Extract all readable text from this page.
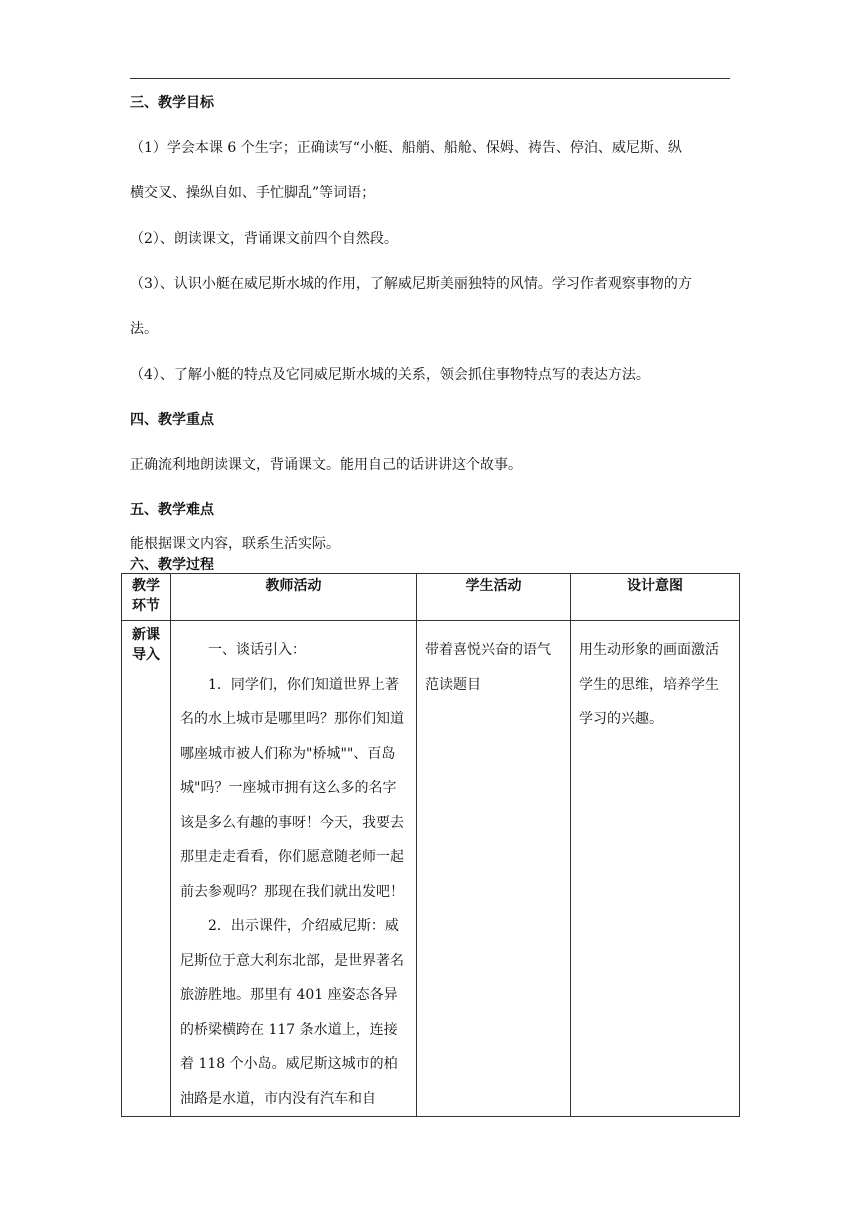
三、教学目标
（1）学会本课 6 个生字；正确读写“小艇、船艄、船舱、保姆、祷告、停泊、威尼斯、纵
横交叉、操纵自如、手忙脚乱”等词语；
（2）、朗读课文，背诵课文前四个自然段。
（3）、认识小艇在威尼斯水城的作用，了解威尼斯美丽独特的风情。学习作者观察事物的方
法。
（4）、了解小艇的特点及它同威尼斯水城的关系，领会抓住事物特点写的表达方法。
四、教学重点
正确流利地朗读课文，背诵课文。能用自己的话讲讲这个故事。
五、教学难点
能根据课文内容，联系生活实际。
六、教学过程
教学环节	教师活动	学生活动	设计意图

新课导入	一、谈话引入：

1．同学们，你们知道世界上著名的水上城市是哪里吗？那你们知道哪座城市被人们称为"桥城""、百岛城"吗？一座城市拥有这么多的名字该是多么有趣的事呀！今天，我要去那里走走看看，你们愿意随老师一起前去参观吗？那现在我们就出发吧！

2．出示课件，介绍威尼斯：威尼斯位于意大利东北部，是世界著名旅游胜地。那里有 401 座姿态各异的桥梁横跨在 117 条水道上，连接着 118 个小岛。威尼斯这城市的柏油路是水道，市内没有汽车和自	带着喜悦兴奋的语气范读题目	用生动形象的画面激活学生的思维，培养学生学习的兴趣。
